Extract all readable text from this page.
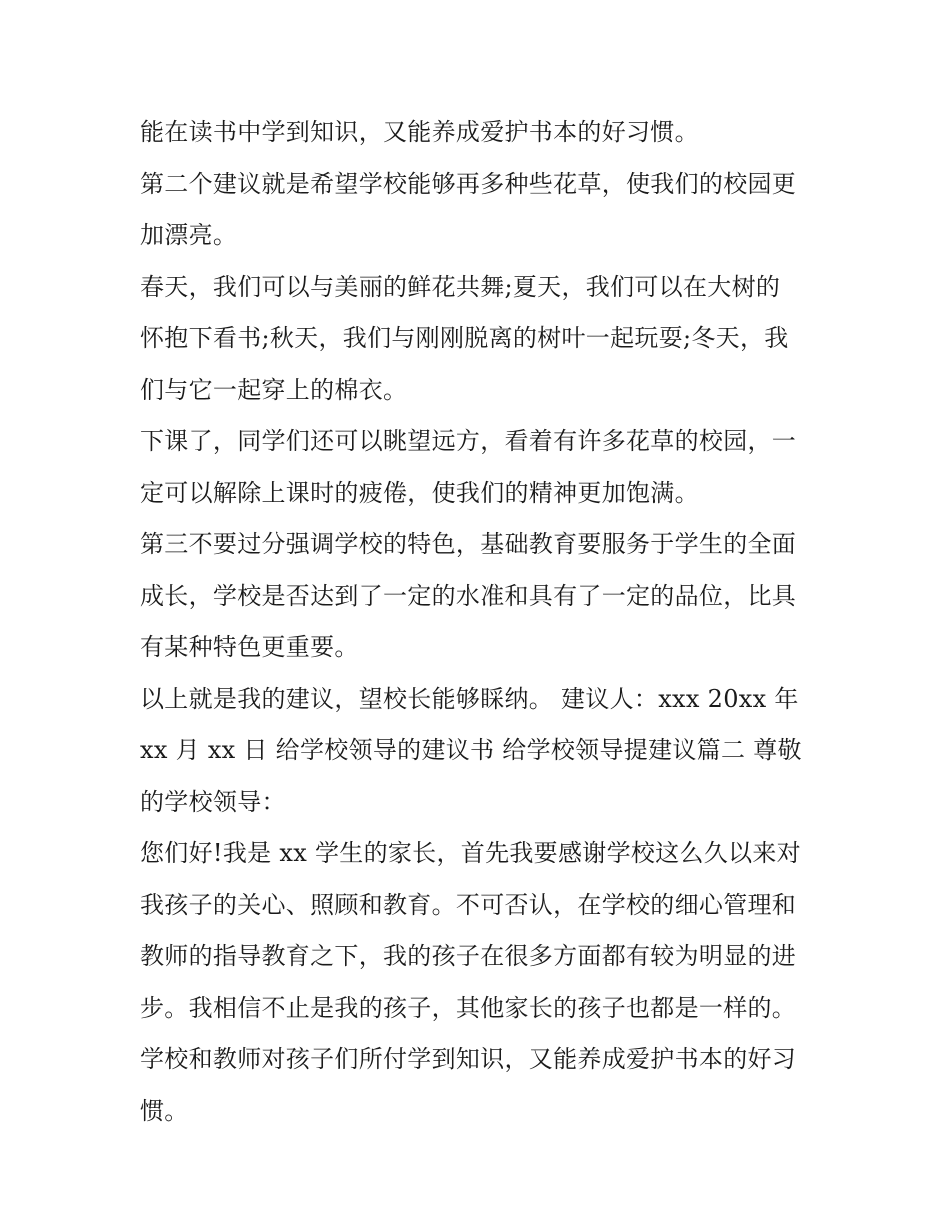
能在读书中学到知识，又能养成爱护书本的好习惯。
第二个建议就是希望学校能够再多种些花草，使我们的校园更
加漂亮。
春天，我们可以与美丽的鲜花共舞;夏天，我们可以在大树的
怀抱下看书;秋天，我们与刚刚脱离的树叶一起玩耍;冬天，我
们与它一起穿上的棉衣。
下课了，同学们还可以眺望远方，看着有许多花草的校园，一
定可以解除上课时的疲倦，使我们的精神更加饱满。
第三不要过分强调学校的特色，基础教育要服务于学生的全面
成长，学校是否达到了一定的水准和具有了一定的品位，比具
有某种特色更重要。
以上就是我的建议，望校长能够睬纳。 建议人：xxx 20xx 年
xx 月 xx 日 给学校领导的建议书 给学校领导提建议篇二 尊敬
的学校领导：
您们好!我是 xx 学生的家长，首先我要感谢学校这么久以来对
我孩子的关心、照顾和教育。不可否认，在学校的细心管理和
教师的指导教育之下，我的孩子在很多方面都有较为明显的进
步。我相信不止是我的孩子，其他家长的孩子也都是一样的。
学校和教师对孩子们所付学到知识，又能养成爱护书本的好习
惯。
